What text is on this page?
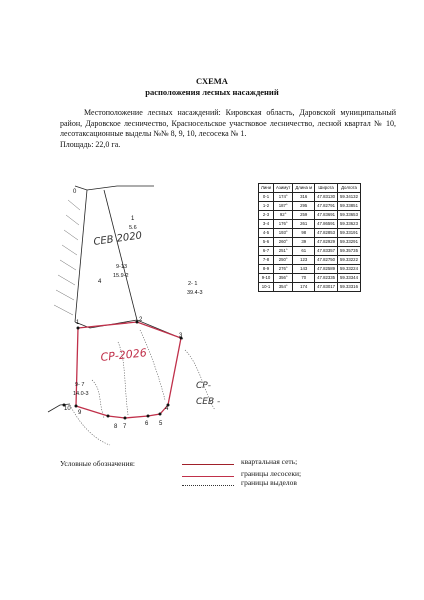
СХЕМА
расположения лесных насаждений
Местоположение лесных насаждений: Кировская область, Даровской муниципальный район, Даровское лесничество, Красносельское участковое лесничество, лесной квартал № 10, лесотаксационные выделы №№ 8, 9, 10, лесосека № 1.
Площадь: 22,0 га.
Лини	Азимут	Длина м	Широта	Долгота
0-1	174°	316	47.83130	59.34132
1-2	187°	295	47.82791	59.33851
2-3	92°	259	47.83691	59.33653
3-4	176°	261	47.86591	59.33623
4-5	193°	98	47.82853	59.33191
5-6	260°	39	47.82929	59.33291
6-7	251°	61	47.83357	59.35735
7-8	250°	123	47.82750	59.33222
8-9	276°	143	47.82589	59.33224
9-10	356°	70	47.82335	59.33344
10-1	354°	174	47.83017	59.33316
0
1	2
3
4
5
6
7
8
9
10
1
5.6
9-13
15.9-2
4	2- 1
39.4-3
9- 7
14.0-3
СЕВ 2020
СР-2026
СР-
СЕВ -
Условные обозначения:	квартальная сеть;
границы лесосеки;
границы выделов
